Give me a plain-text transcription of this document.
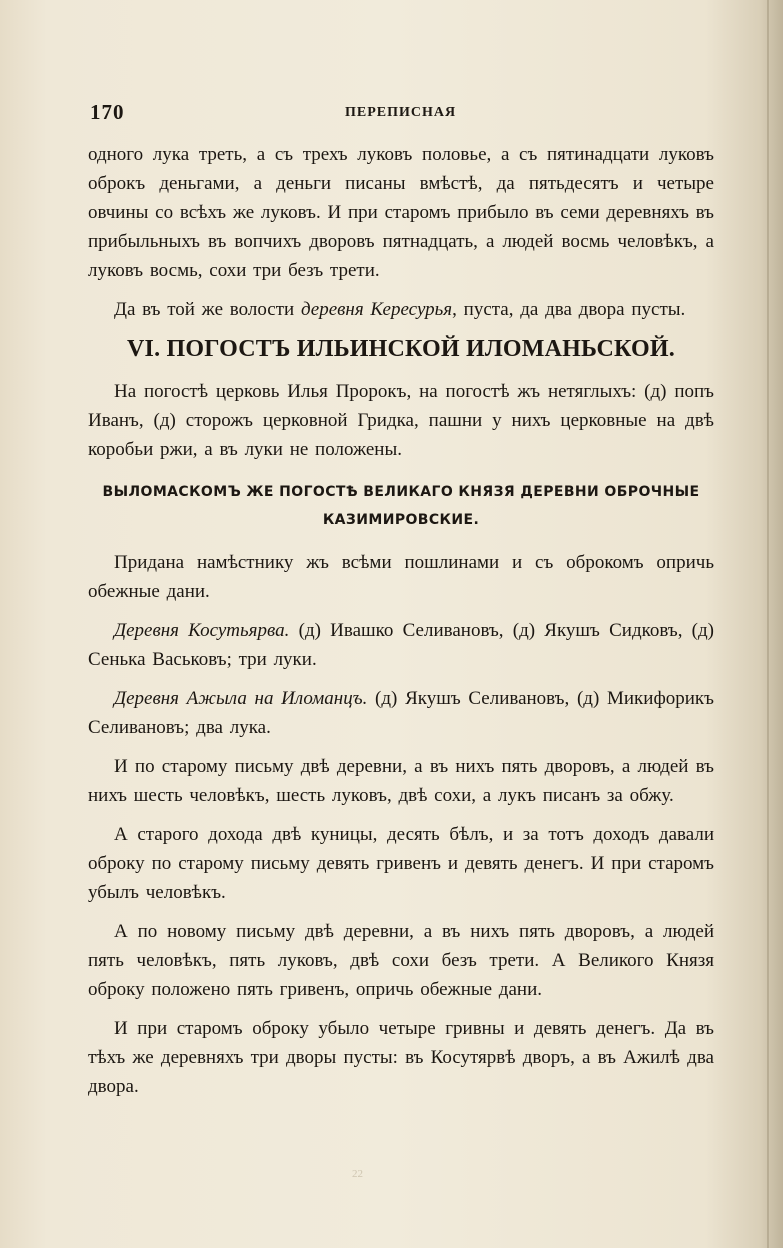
170	ПЕРЕПИСНАЯ

одного лука треть, а съ трехъ луковъ половье, а съ пятинадцати луковъ оброкъ деньгами, а деньги писаны вмѣстѣ, да пятьдесятъ и четыре овчины со всѣхъ же луковъ. И при старомъ прибыло въ семи деревняхъ въ прибыльныхъ въ вопчихъ дворовъ пятнадцать, а людей восмь человѣкъ, а луковъ восмь, сохи три безъ трети.

Да въ той же волости деревня Кересурья, пуста, да два двора пусты.

VI. ПОГОСТЪ ИЛЬИНСКОЙ ИЛОМАНЬСКОЙ.

На погостѣ церковь Илья Пророкъ, на погостѣ жъ нетяглыхъ: (д) попъ Иванъ, (д) сторожъ церковной Гридка, пашни у нихъ церковные на двѣ коробьи ржи, а въ луки не положены.

ВЫЛОМАСКОМЪ ЖЕ ПОГОСТѢ ВЕЛИКАГО КНЯЗЯ ДЕРЕВНИ ОБРОЧНЫЕ
КАЗИМИРОВСКИЕ.

Придана намѣстнику жъ всѣми пошлинами и съ оброкомъ опричь обежные дани.

Деревня Косутьярва. (д) Ивашко Селивановъ, (д) Якушъ Сидковъ, (д) Сенька Васьковъ; три луки.

Деревня Ажыла на Иломанцъ. (д) Якушъ Селивановъ, (д) Микифорикъ Селивановъ; два лука.

И по старому письму двѣ деревни, а въ нихъ пять дворовъ, а людей въ нихъ шесть человѣкъ, шесть луковъ, двѣ сохи, а лукъ писанъ за обжу.

А старого дохода двѣ куницы, десять бѣлъ, и за тотъ доходъ давали оброку по старому письму девять гривенъ и девять денегъ. И при старомъ убылъ человѣкъ.

А по новому письму двѣ деревни, а въ нихъ пять дворовъ, а людей пять человѣкъ, пять луковъ, двѣ сохи безъ трети. А Великого Князя оброку положено пять гривенъ, опричь обежные дани.

И при старомъ оброку убыло четыре гривны и девять денегъ. Да въ тѣхъ же деревняхъ три дворы пусты: въ Косутярвѣ дворъ, а въ Ажилѣ два двора.

22
